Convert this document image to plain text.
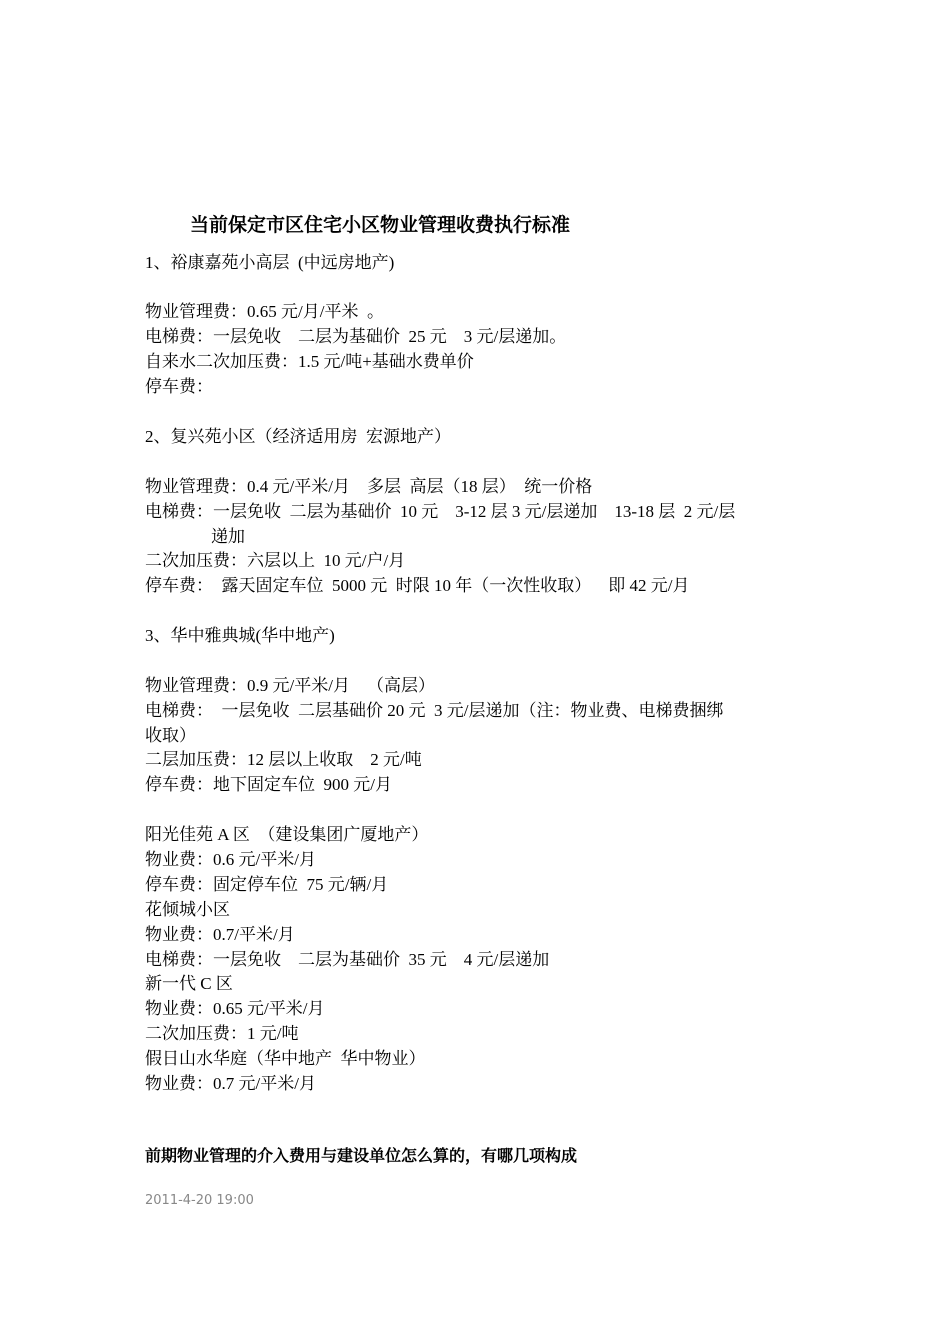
当前保定市区住宅小区物业管理收费执行标准
1、裕康嘉苑小高层  (中远房地产)
物业管理费：0.65 元/月/平米  。
电梯费：一层免收    二层为基础价  25 元    3 元/层递加。
自来水二次加压费：1.5 元/吨+基础水费单价
停车费：
2、复兴苑小区（经济适用房  宏源地产）
物业管理费：0.4 元/平米/月    多层  高层（18 层）  统一价格
电梯费：一层免收  二层为基础价  10 元    3-12 层 3 元/层递加    13-18 层  2 元/层
递加
二次加压费：六层以上  10 元/户/月
停车费：  露天固定车位  5000 元  时限 10 年（一次性收取）    即 42 元/月
3、华中雅典城(华中地产)
物业管理费：0.9 元/平米/月    （高层）
电梯费：  一层免收  二层基础价 20 元  3 元/层递加（注：物业费、电梯费捆绑
收取）
二层加压费：12 层以上收取    2 元/吨
停车费：地下固定车位  900 元/月
阳光佳苑 A 区  （建设集团广厦地产）
物业费：0.6 元/平米/月
停车费：固定停车位  75 元/辆/月
花倾城小区
物业费：0.7/平米/月
电梯费：一层免收    二层为基础价  35 元    4 元/层递加
新一代 C 区
物业费：0.65 元/平米/月
二次加压费：1 元/吨
假日山水华庭（华中地产  华中物业）
物业费：0.7 元/平米/月
前期物业管理的介入费用与建设单位怎么算的，有哪几项构成
2011-4-20 19:00
